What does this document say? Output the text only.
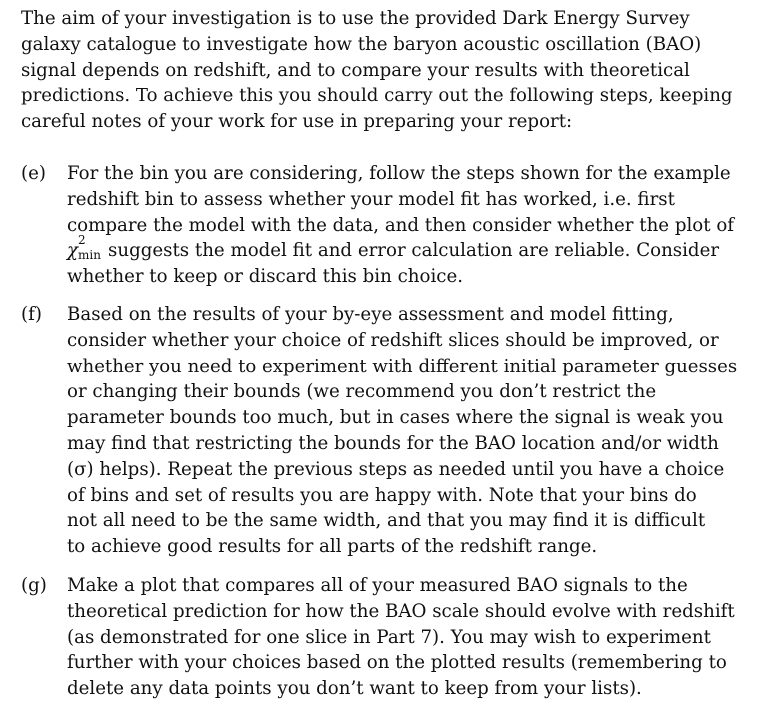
The aim of your investigation is to use the provided Dark Energy Survey
galaxy catalogue to investigate how the baryon acoustic oscillation (BAO)
signal depends on redshift, and to compare your results with theoretical
predictions. To achieve this you should carry out the following steps, keeping
careful notes of your work for use in preparing your report:
(e)	For the bin you are considering, follow the steps shown for the example
redshift bin to assess whether your model fit has worked, i.e. first
compare the model with the data, and then consider whether the plot of
χ 2
min suggests the model fit and error calculation are reliable. Consider
whether to keep or discard this bin choice.
(f)	Based on the results of your by-eye assessment and model fitting,
consider whether your choice of redshift slices should be improved, or
whether you need to experiment with different initial parameter guesses
or changing their bounds (we recommend you don’t restrict the
parameter bounds too much, but in cases where the signal is weak you
may find that restricting the bounds for the BAO location and/or width
(σ) helps). Repeat the previous steps as needed until you have a choice
of bins and set of results you are happy with. Note that your bins do
not all need to be the same width, and that you may find it is difficult
to achieve good results for all parts of the redshift range.
(g)	Make a plot that compares all of your measured BAO signals to the
theoretical prediction for how the BAO scale should evolve with redshift
(as demonstrated for one slice in Part 7). You may wish to experiment
further with your choices based on the plotted results (remembering to
delete any data points you don’t want to keep from your lists).
